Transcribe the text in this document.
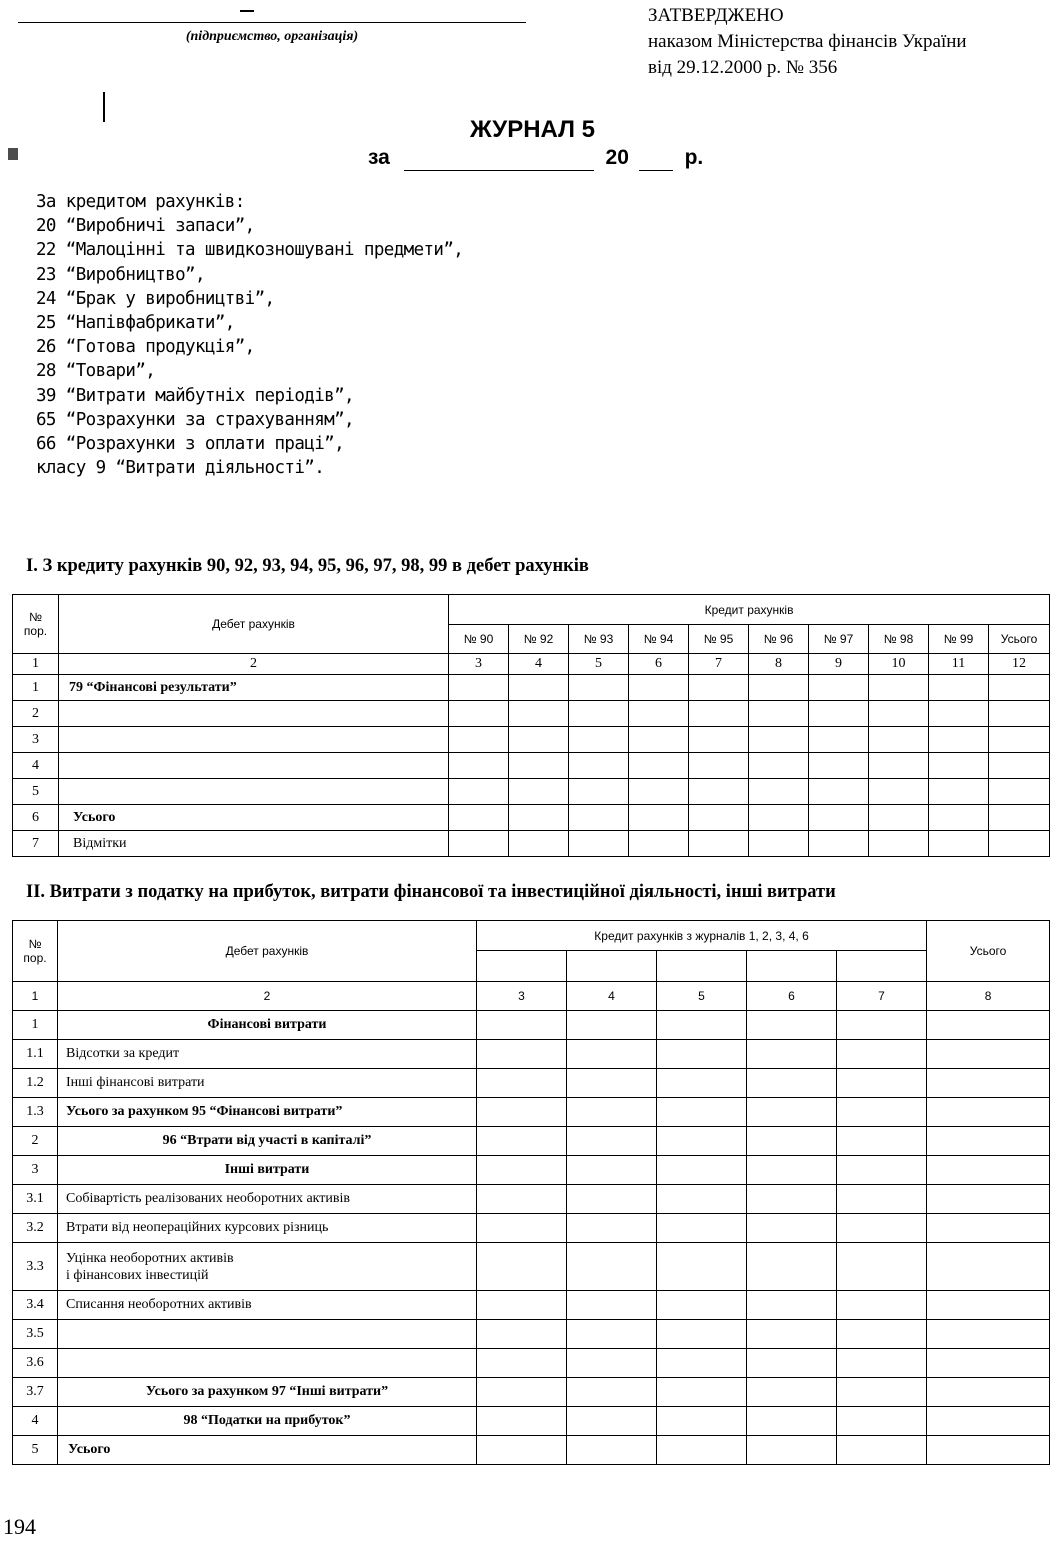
(підприємство, організація)
ЗАТВЕРДЖЕНО
наказом Міністерства фінансів України
від 29.12.2000 р. № 356
ЖУРНАЛ 5
за	20	р.
За кредитом рахунків:
20 “Виробничі запаси”,
22 “Малоцінні та швидкозношувані предмети”,
23 “Виробництво”,
24 “Брак у виробництві”,
25 “Напівфабрикати”,
26 “Готова продукція”,
28 “Товари”,
39 “Витрати майбутніх періодів”,
65 “Розрахунки за страхуванням”,
66 “Розрахунки з оплати праці”,
класу 9 “Витрати діяльності”.
І. З кредиту рахунків 90, 92, 93, 94, 95, 96, 97, 98, 99 в дебет рахунків
№ пор.	Дебет рахунків	Кредит рахунків									
		№ 90	№ 92	№ 93	№ 94	№ 95	№ 96	№ 97	№ 98	№ 99	Усього
1	2	3	4	5	6	7	8	9	10	11	12
1	79 “Фінансові результати”										
2											
3											
4											
5											
6	Усього										
7	Відмітки										
II. Витрати з податку на прибуток, витрати фінансової та інвестиційної діяльності, інші витрати
№ пор.	Дебет рахунків	Кредит рахунків з журналів 1, 2, 3, 4, 6					Усього

1	2	3	4	5	6	7	8
1	Фінансові витрати						
1.1	Відсотки за кредит						
1.2	Інші фінансові витрати						
1.3	Усього за рахунком 95 “Фінансові витрати”						
2	96 “Втрати від участі в капіталі”						
3	Інші витрати						
3.1	Собівартість реалізованих необоротних активів						
3.2	Втрати від неопераційних курсових різниць						
3.3	Уцінка необоротних активів
і фінансових інвестицій						

3.4	Списання необоротних активів						
3.5							
3.6							
3.7	Усього за рахунком 97 “Інші витрати”						
4	98 “Податки на прибуток”						
5	Усього						
194
